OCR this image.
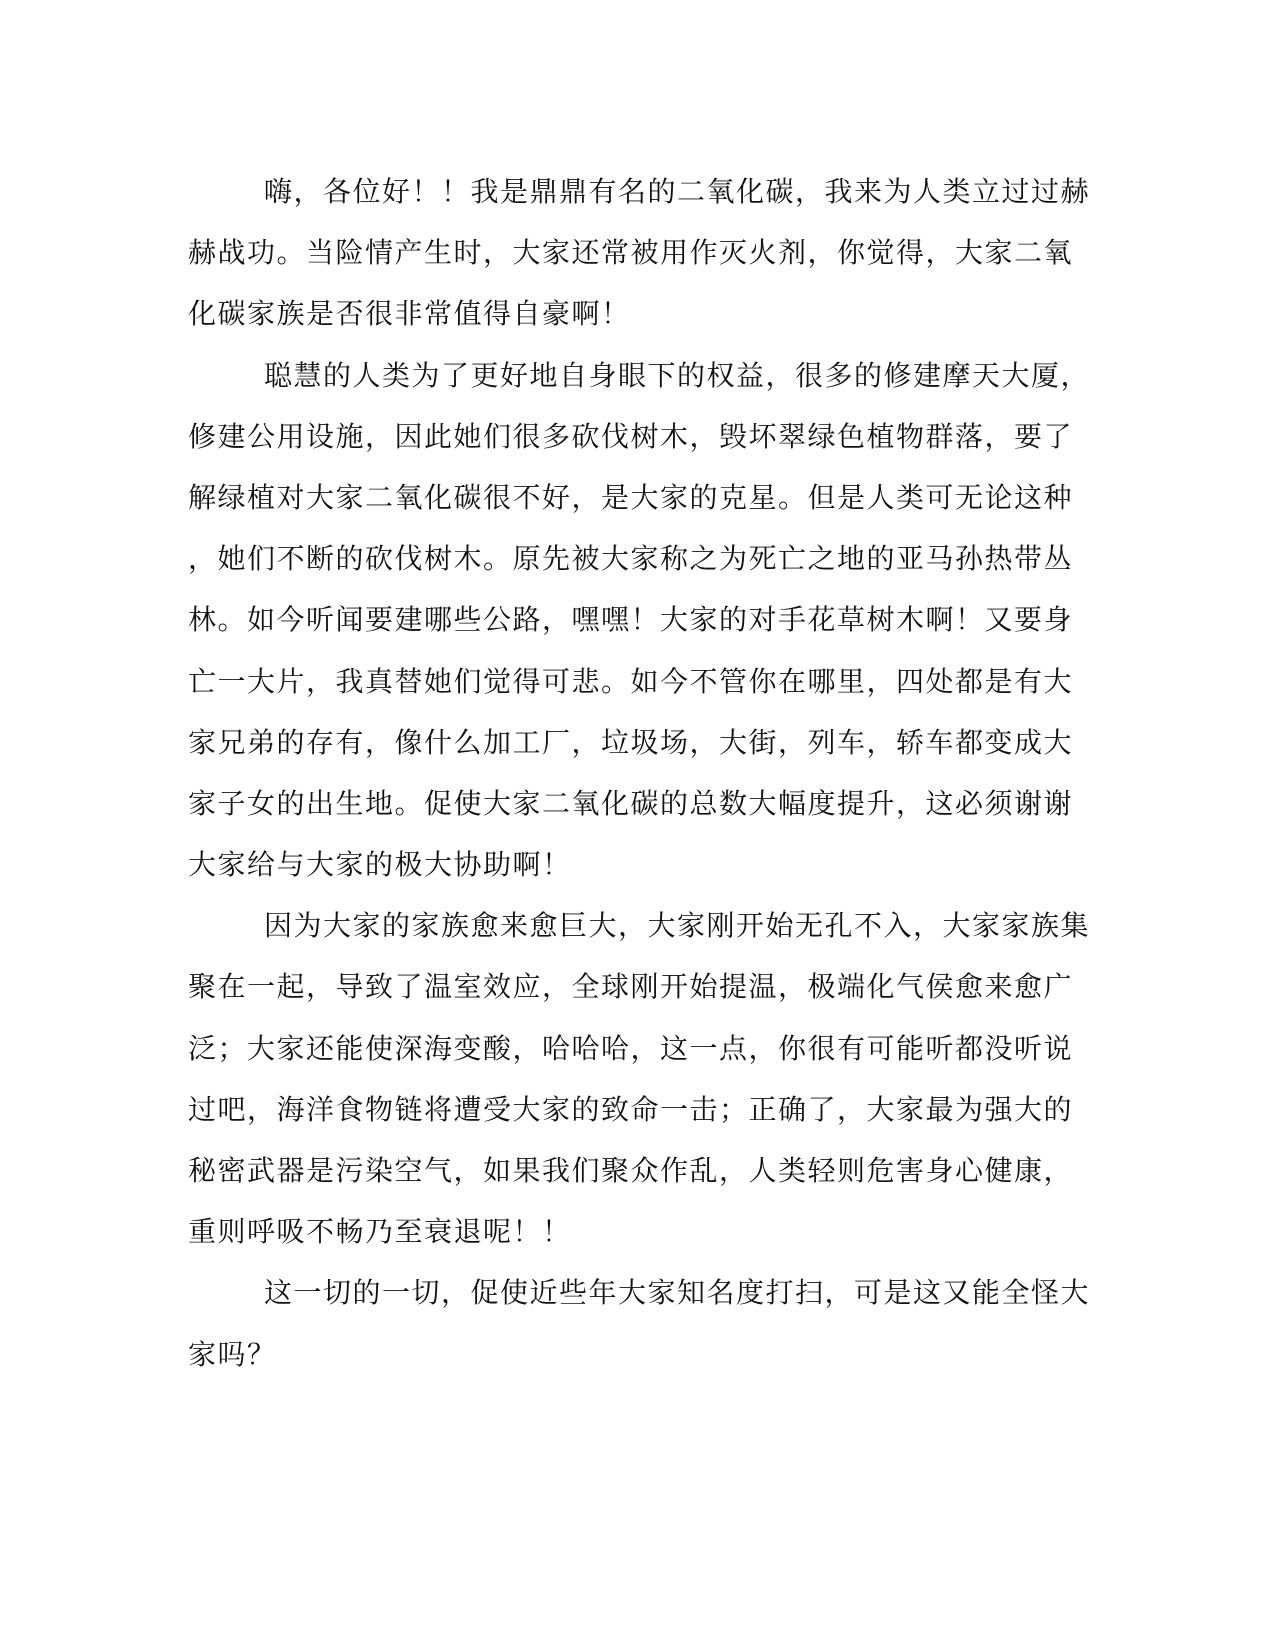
嗨，各位好！！我是鼎鼎有名的二氧化碳，我来为人类立过过赫
赫战功。当险情产生时，大家还常被用作灭火剂，你觉得，大家二氧
化碳家族是否很非常值得自豪啊！
聪慧的人类为了更好地自身眼下的权益，很多的修建摩天大厦，
修建公用设施，因此她们很多砍伐树木，毁坏翠绿色植物群落，要了
解绿植对大家二氧化碳很不好，是大家的克星。但是人类可无论这种
，她们不断的砍伐树木。原先被大家称之为死亡之地的亚马孙热带丛
林。如今听闻要建哪些公路，嘿嘿！大家的对手花草树木啊！又要身
亡一大片，我真替她们觉得可悲。如今不管你在哪里，四处都是有大
家兄弟的存有，像什么加工厂，垃圾场，大街，列车，轿车都变成大
家子女的出生地。促使大家二氧化碳的总数大幅度提升，这必须谢谢
大家给与大家的极大协助啊！
因为大家的家族愈来愈巨大，大家刚开始无孔不入，大家家族集
聚在一起，导致了温室效应，全球刚开始提温，极端化气侯愈来愈广
泛；大家还能使深海变酸，哈哈哈，这一点，你很有可能听都没听说
过吧，海洋食物链将遭受大家的致命一击；正确了，大家最为强大的
秘密武器是污染空气，如果我们聚众作乱，人类轻则危害身心健康，
重则呼吸不畅乃至衰退呢！！
这一切的一切，促使近些年大家知名度打扫，可是这又能全怪大
家吗？
